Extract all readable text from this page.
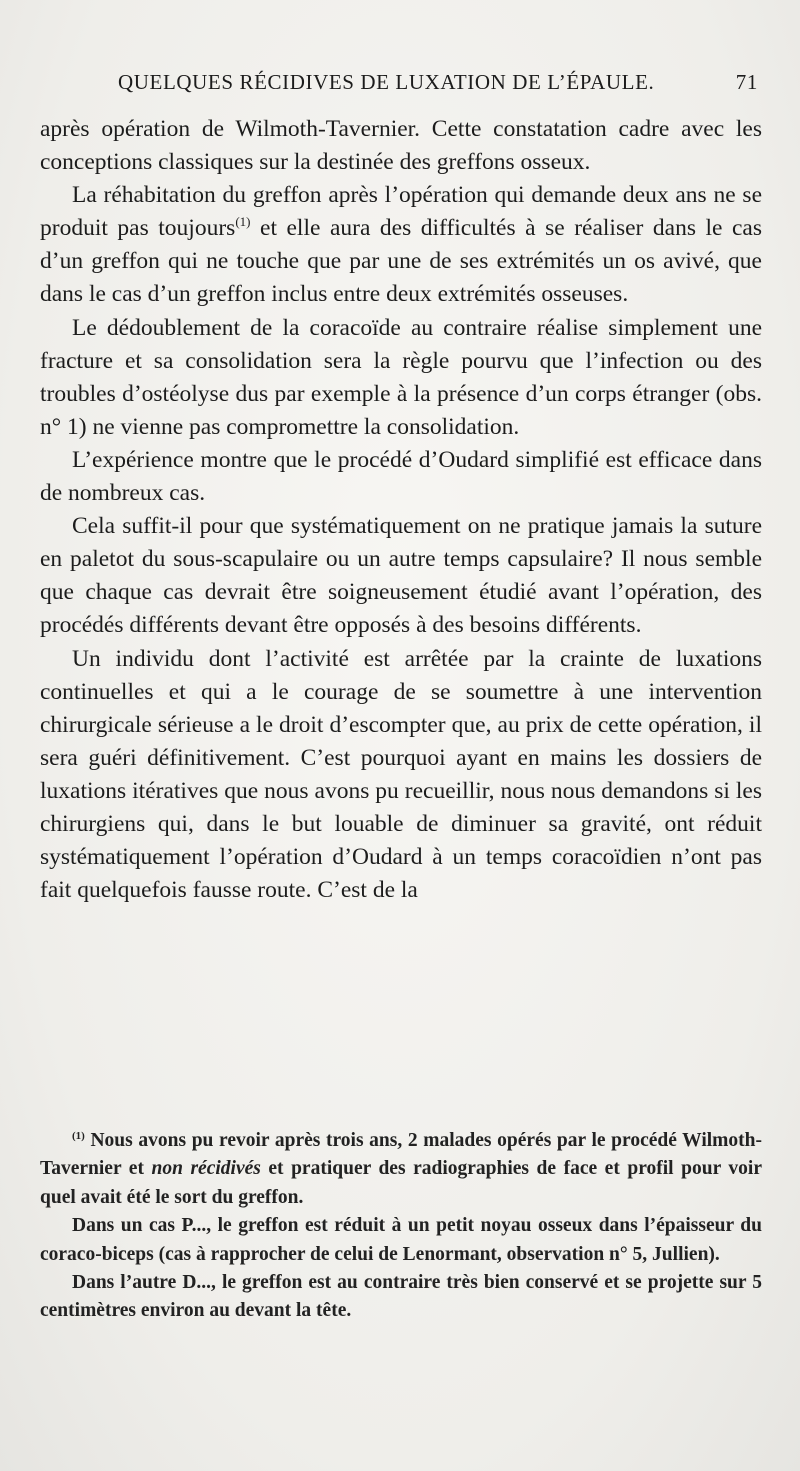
QUELQUES RÉCIDIVES DE LUXATION DE L’ÉPAULE.	71

après opération de Wilmoth-Tavernier. Cette constatation cadre avec les conceptions classiques sur la destinée des greffons osseux.

La réhabitation du greffon après l’opération qui demande deux ans ne se produit pas toujours$^{(1)}$ et elle aura des difficultés à se réaliser dans le cas d’un greffon qui ne touche que par une de ses extrémités un os avivé, que dans le cas d’un greffon inclus entre deux extrémités osseuses.

Le dédoublement de la coracoïde au contraire réalise simplement une fracture et sa consolidation sera la règle pourvu que l’infection ou des troubles d’ostéolyse dus par exemple à la présence d’un corps étranger (obs. n° 1) ne vienne pas compromettre la consolidation.

L’expérience montre que le procédé d’Oudard simplifié est efficace dans de nombreux cas.

Cela suffit-il pour que systématiquement on ne pratique jamais la suture en paletot du sous-scapulaire ou un autre temps capsulaire? Il nous semble que chaque cas devrait être soigneusement étudié avant l’opération, des procédés différents devant être opposés à des besoins différents.

Un individu dont l’activité est arrêtée par la crainte de luxations continuelles et qui a le courage de se soumettre à une intervention chirurgicale sérieuse a le droit d’escompter que, au prix de cette opération, il sera guéri définitivement. C’est pourquoi ayant en mains les dossiers de luxations itératives que nous avons pu recueillir, nous nous demandons si les chirurgiens qui, dans le but louable de diminuer sa gravité, ont réduit systématiquement l’opération d’Oudard à un temps coracoïdien n’ont pas fait quelquefois fausse route. C’est de la

$^{(1)}$ Nous avons pu revoir après trois ans, 2 malades opérés par le procédé Wilmoth-Tavernier et non récidivés et pratiquer des radiographies de face et profil pour voir quel avait été le sort du greffon.

Dans un cas P..., le greffon est réduit à un petit noyau osseux dans l’épaisseur du coraco-biceps (cas à rapprocher de celui de Lenormant, observation n° 5, Jullien).

Dans l’autre D..., le greffon est au contraire très bien conservé et se projette sur 5 centimètres environ au devant la tête.
